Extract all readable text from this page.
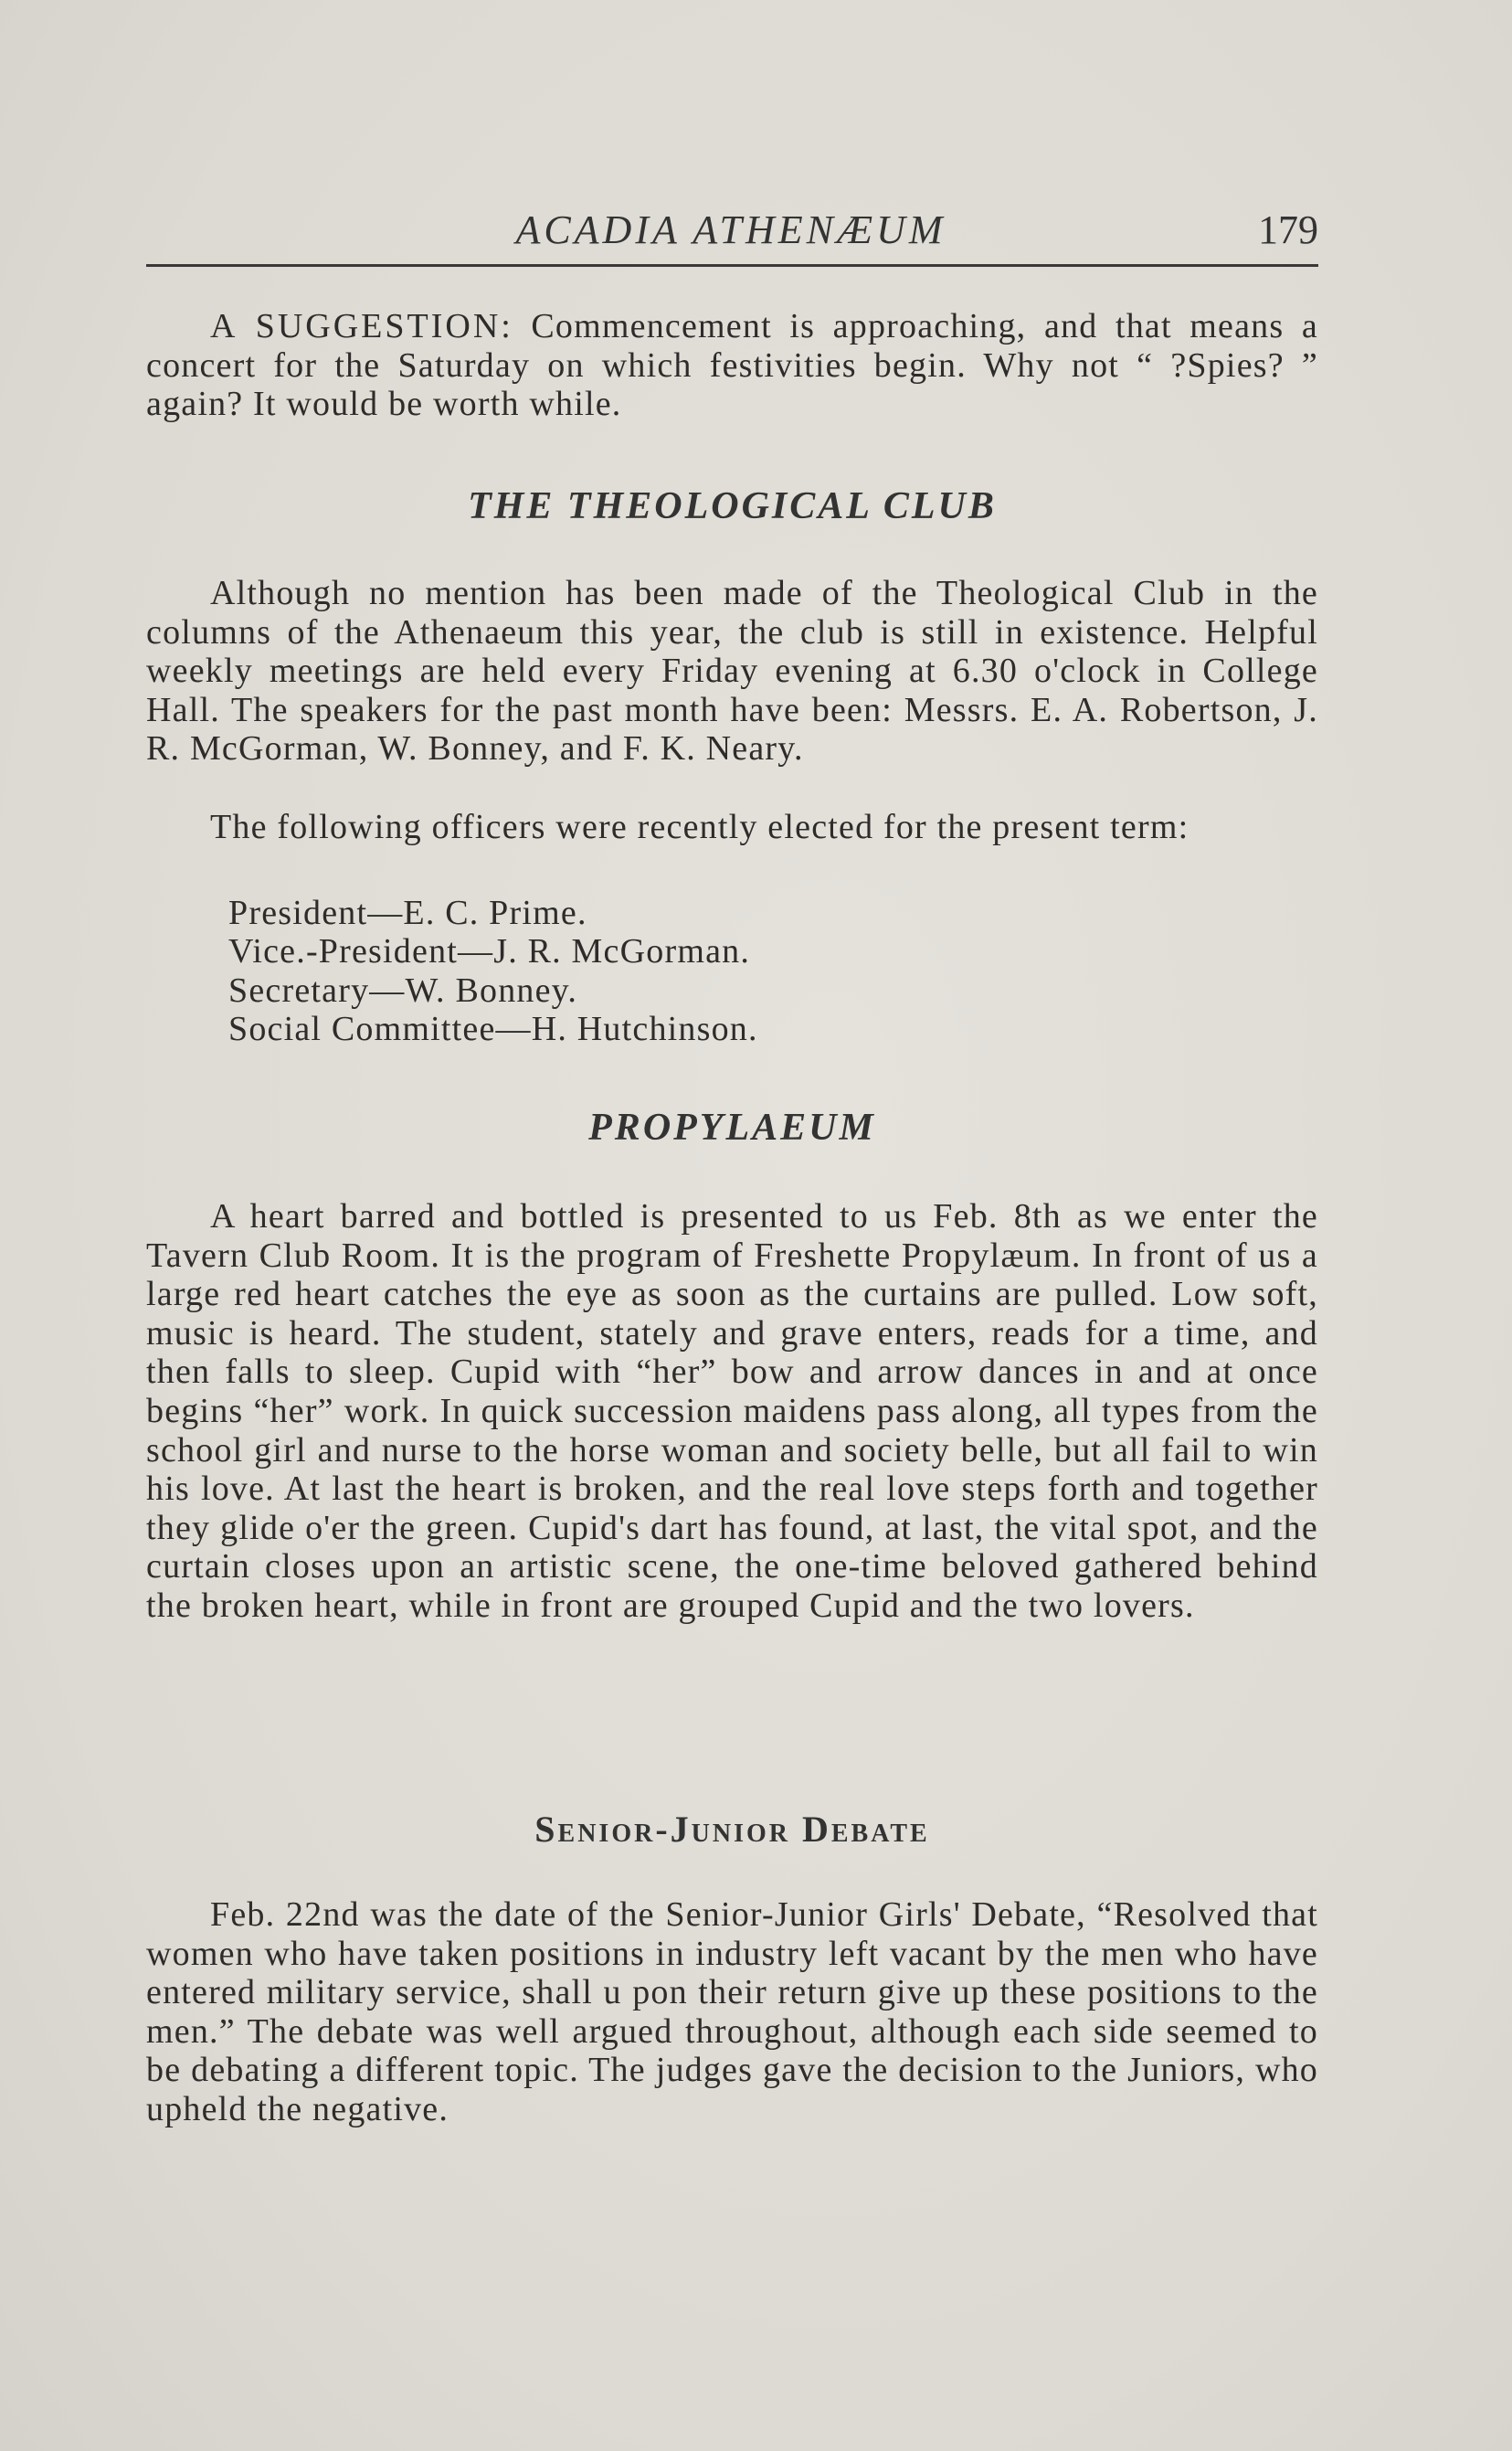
ACADIA ATHENÆUM	179

A SUGGESTION: Commencement is approaching, and that means a concert for the Saturday on which festivities begin. Why not “ ?Spies? ” again? It would be worth while.

THE THEOLOGICAL CLUB

Although no mention has been made of the Theological Club in the columns of the Athenaeum this year, the club is still in existence. Helpful weekly meetings are held every Friday evening at 6.30 o'clock in College Hall. The speakers for the past month have been: Messrs. E. A. Robertson, J. R. McGorman, W. Bonney, and F. K. Neary.

The following officers were recently elected for the present term:

President—E. C. Prime.

Vice.-President—J. R. McGorman.

Secretary—W. Bonney.

Social Committee—H. Hutchinson.

PROPYLAEUM

A heart barred and bottled is presented to us Feb. 8th as we enter the Tavern Club Room. It is the program of Freshette Propylæum. In front of us a large red heart catches the eye as soon as the curtains are pulled. Low soft, music is heard. The student, stately and grave enters, reads for a time, and then falls to sleep. Cupid with “her” bow and arrow dances in and at once begins “her” work. In quick succession maidens pass along, all types from the school girl and nurse to the horse woman and society belle, but all fail to win his love. At last the heart is broken, and the real love steps forth and together they glide o'er the green. Cupid's dart has found, at last, the vital spot, and the curtain closes upon an artistic scene, the one-time beloved gathered behind the broken heart, while in front are grouped Cupid and the two lovers.

Senior-Junior Debate

Feb. 22nd was the date of the Senior-Junior Girls' Debate, “Resolved that women who have taken positions in industry left vacant by the men who have entered military service, shall u pon their return give up these positions to the men.” The debate was well argued throughout, although each side seemed to be debating a different topic. The judges gave the decision to the Juniors, who upheld the negative.
